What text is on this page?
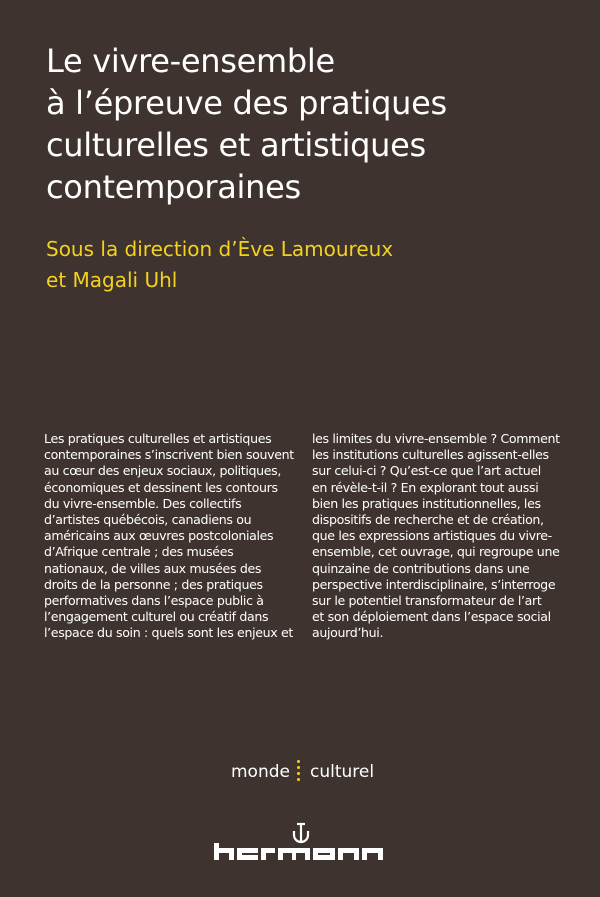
Le vivre-ensemble
à l’épreuve des pratiques
culturelles et artistiques
contemporaines
Sous la direction d’Ève Lamoureux
et Magali Uhl
Les pratiques culturelles et artistiques
contemporaines s’inscrivent bien souvent
au cœur des enjeux sociaux, politiques,
économiques et dessinent les contours
du vivre-ensemble. Des collectifs
d’artistes québécois, canadiens ou
américains aux œuvres postcoloniales
d’Afrique centrale ; des musées
nationaux, de villes aux musées des
droits de la personne ; des pratiques
performatives dans l’espace public à
l’engagement culturel ou créatif dans
l’espace du soin : quels sont les enjeux et
les limites du vivre-ensemble ? Comment
les institutions culturelles agissent-elles
sur celui-ci ? Qu’est-ce que l’art actuel
en révèle-t-il ? En explorant tout aussi
bien les pratiques institutionnelles, les
dispositifs de recherche et de création,
que les expressions artistiques du vivre-
ensemble, cet ouvrage, qui regroupe une
quinzaine de contributions dans une
perspective interdisciplinaire, s’interroge
sur le potentiel transformateur de l’art
et son déploiement dans l’espace social
aujourd’hui.
monde culturel
